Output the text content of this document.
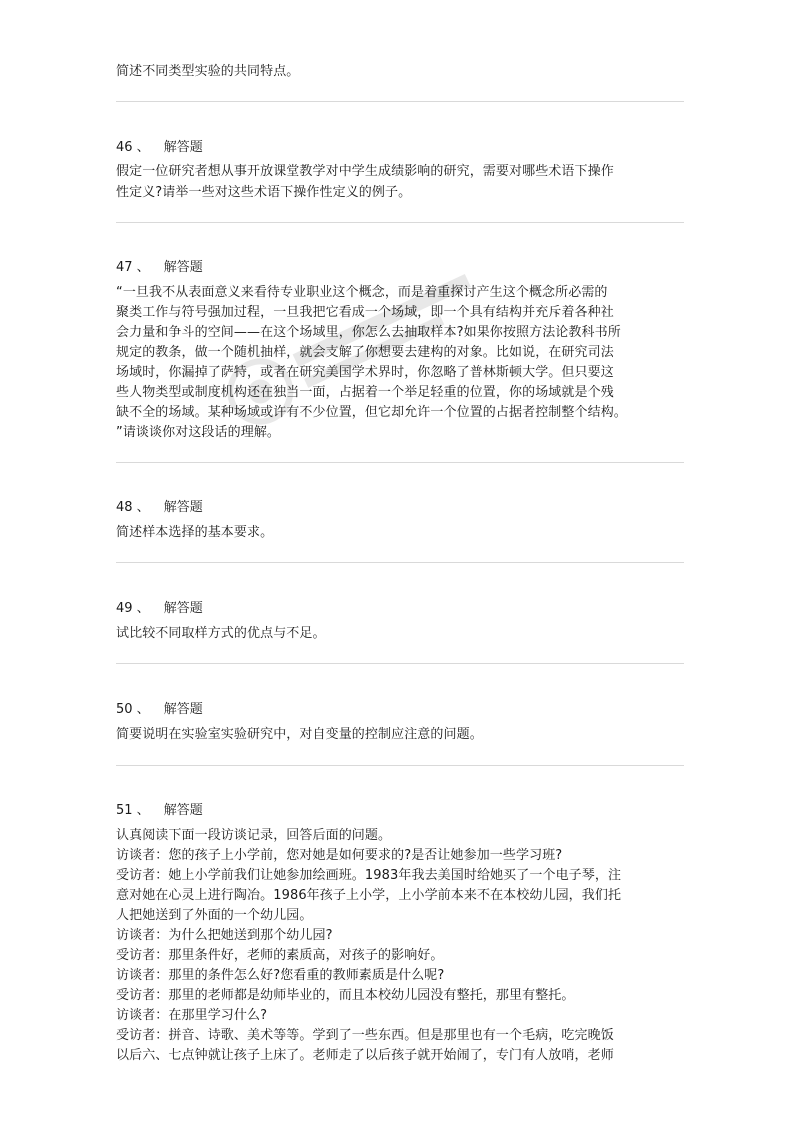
简述不同类型实验的共同特点。
46 、 解答题
假定一位研究者想从事开放课堂教学对中学生成绩影响的研究，需要对哪些术语下操作
性定义?请举一些对这些术语下操作性定义的例子。
47 、 解答题
“一旦我不从表面意义来看待专业职业这个概念，而是着重探讨产生这个概念所必需的
聚类工作与符号强加过程，一旦我把它看成一个场域，即一个具有结构并充斥着各种社
会力量和争斗的空间——在这个场域里，你怎么去抽取样本?如果你按照方法论教科书所
规定的教条，做一个随机抽样，就会支解了你想要去建构的对象。比如说，在研究司法
场域时，你漏掉了萨特，或者在研究美国学术界时，你忽略了普林斯顿大学。但只要这
些人物类型或制度机构还在独当一面，占据着一个举足轻重的位置，你的场域就是个残
缺不全的场域。某种场域或许有不少位置，但它却允许一个位置的占据者控制整个结构。
”请谈谈你对这段话的理解。
48 、 解答题
简述样本选择的基本要求。
49 、 解答题
试比较不同取样方式的优点与不足。
50 、 解答题
简要说明在实验室实验研究中，对自变量的控制应注意的问题。
51 、 解答题
认真阅读下面一段访谈记录，回答后面的问题。
访谈者：您的孩子上小学前，您对她是如何要求的?是否让她参加一些学习班?
受访者：她上小学前我们让她参加绘画班。1983年我去美国时给她买了一个电子琴，注
意对她在心灵上进行陶冶。1986年孩子上小学，上小学前本来不在本校幼儿园，我们托
人把她送到了外面的一个幼儿园。
访谈者：为什么把她送到那个幼儿园?
受访者：那里条件好，老师的素质高，对孩子的影响好。
访谈者：那里的条件怎么好?您看重的教师素质是什么呢?
受访者：那里的老师都是幼师毕业的，而且本校幼儿园没有整托，那里有整托。
访谈者：在那里学习什么?
受访者：拼音、诗歌、美术等等。学到了一些东西。但是那里也有一个毛病，吃完晚饭
以后六、七点钟就让孩子上床了。老师走了以后孩子就开始闹了，专门有人放哨，老师
